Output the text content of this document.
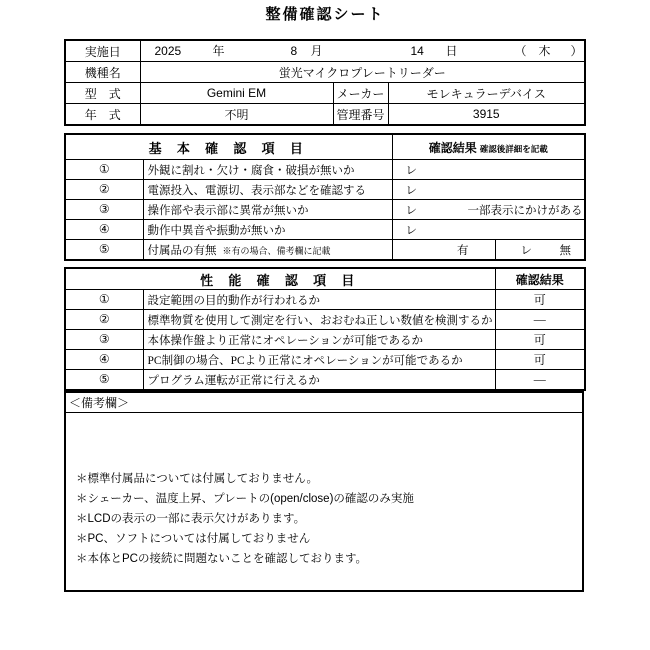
整備確認シート
実施日	2025	年	8 月	14 日	（ 木 ）

機種名	蛍光マイクロプレートリーダー		
型　式	Gemini EM	メーカー	モレキュラーデバイス
年　式	不明	管理番号	3915
基 本 確 認 項 目		確認結果 確認後詳細を記載
①	外観に割れ・欠け・腐食・破損が無いか	レ

②	電源投入、電源切、表示部などを確認する	レ

③	操作部や表示部に異常が無いか	レ 一部表示にかけがある

④	動作中異音や振動が無いか	レ

⑤	付属品の有無 ※有の場合、備考欄に記載	有 レ 無
性 能 確 認 項 目		確認結果
①	設定範囲の目的動作が行われるか	可
②	標準物質を使用して測定を行い、おおむね正しい数値を検測するか	―
③	本体操作盤より正常にオペレーションが可能であるか	可
④	PC制御の場合、PCより正常にオペレーションが可能であるか	可
⑤	プログラム運転が正常に行えるか	―
＜備考欄＞
＊標準付属品については付属しておりません。
＊シェーカー、温度上昇、プレートの(open/close)の確認のみ実施
＊LCDの表示の一部に表示欠けがあります。
＊PC、ソフトについては付属しておりません
＊本体とPCの接続に問題ないことを確認しております。
